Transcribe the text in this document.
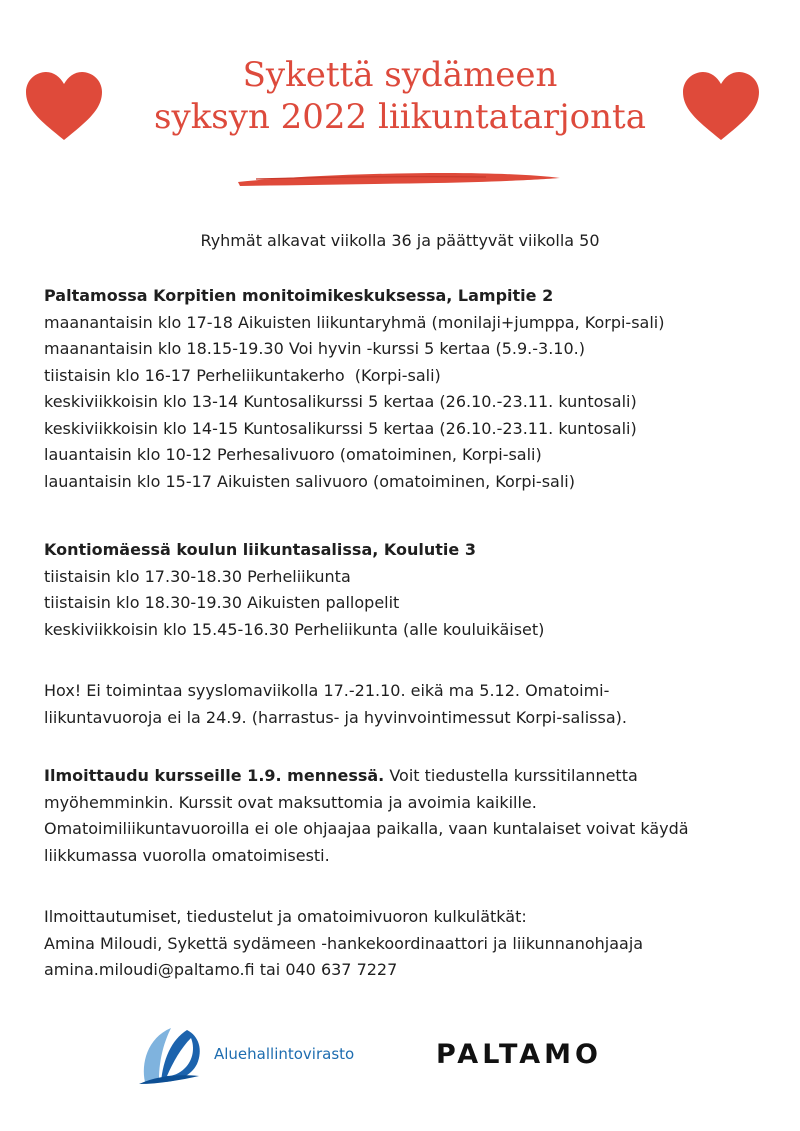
Sykettä sydämeen
syksyn 2022 liikuntatarjonta
Ryhmät alkavat viikolla 36 ja päättyvät viikolla 50
Paltamossa Korpitien monitoimikeskuksessa, Lampitie 2
maanantaisin klo 17-18 Aikuisten liikuntaryhmä (monilaji+jumppa, Korpi-sali)
maanantaisin klo 18.15-19.30 Voi hyvin -kurssi 5 kertaa (5.9.-3.10.)
tiistaisin klo 16-17 Perheliikuntakerho  (Korpi-sali)
keskiviikkoisin klo 13-14 Kuntosalikurssi 5 kertaa (26.10.-23.11. kuntosali)
keskiviikkoisin klo 14-15 Kuntosalikurssi 5 kertaa (26.10.-23.11. kuntosali)
lauantaisin klo 10-12 Perhesalivuoro (omatoiminen, Korpi-sali)
lauantaisin klo 15-17 Aikuisten salivuoro (omatoiminen, Korpi-sali)
Kontiomäessä koulun liikuntasalissa, Koulutie 3
tiistaisin klo 17.30-18.30 Perheliikunta
tiistaisin klo 18.30-19.30 Aikuisten pallopelit
keskiviikkoisin klo 15.45-16.30 Perheliikunta (alle kouluikäiset)
Hox! Ei toimintaa syyslomaviikolla 17.-21.10. eikä ma 5.12. Omatoimi-
liikuntavuoroja ei la 24.9. (harrastus- ja hyvinvointimessut Korpi-salissa).
Ilmoittaudu kursseille 1.9. mennessä. Voit tiedustella kurssitilannetta
myöhemminkin. Kurssit ovat maksuttomia ja avoimia kaikille.
Omatoimiliikuntavuoroilla ei ole ohjaajaa paikalla, vaan kuntalaiset voivat käydä
liikkumassa vuorolla omatoimisesti.
Ilmoittautumiset, tiedustelut ja omatoimivuoron kulkulätkät:
Amina Miloudi, Sykettä sydämeen -hankekoordinaattori ja liikunnanohjaaja
amina.miloudi@paltamo.fi tai 040 637 7227
Aluehallintovirasto	PALTAMO
